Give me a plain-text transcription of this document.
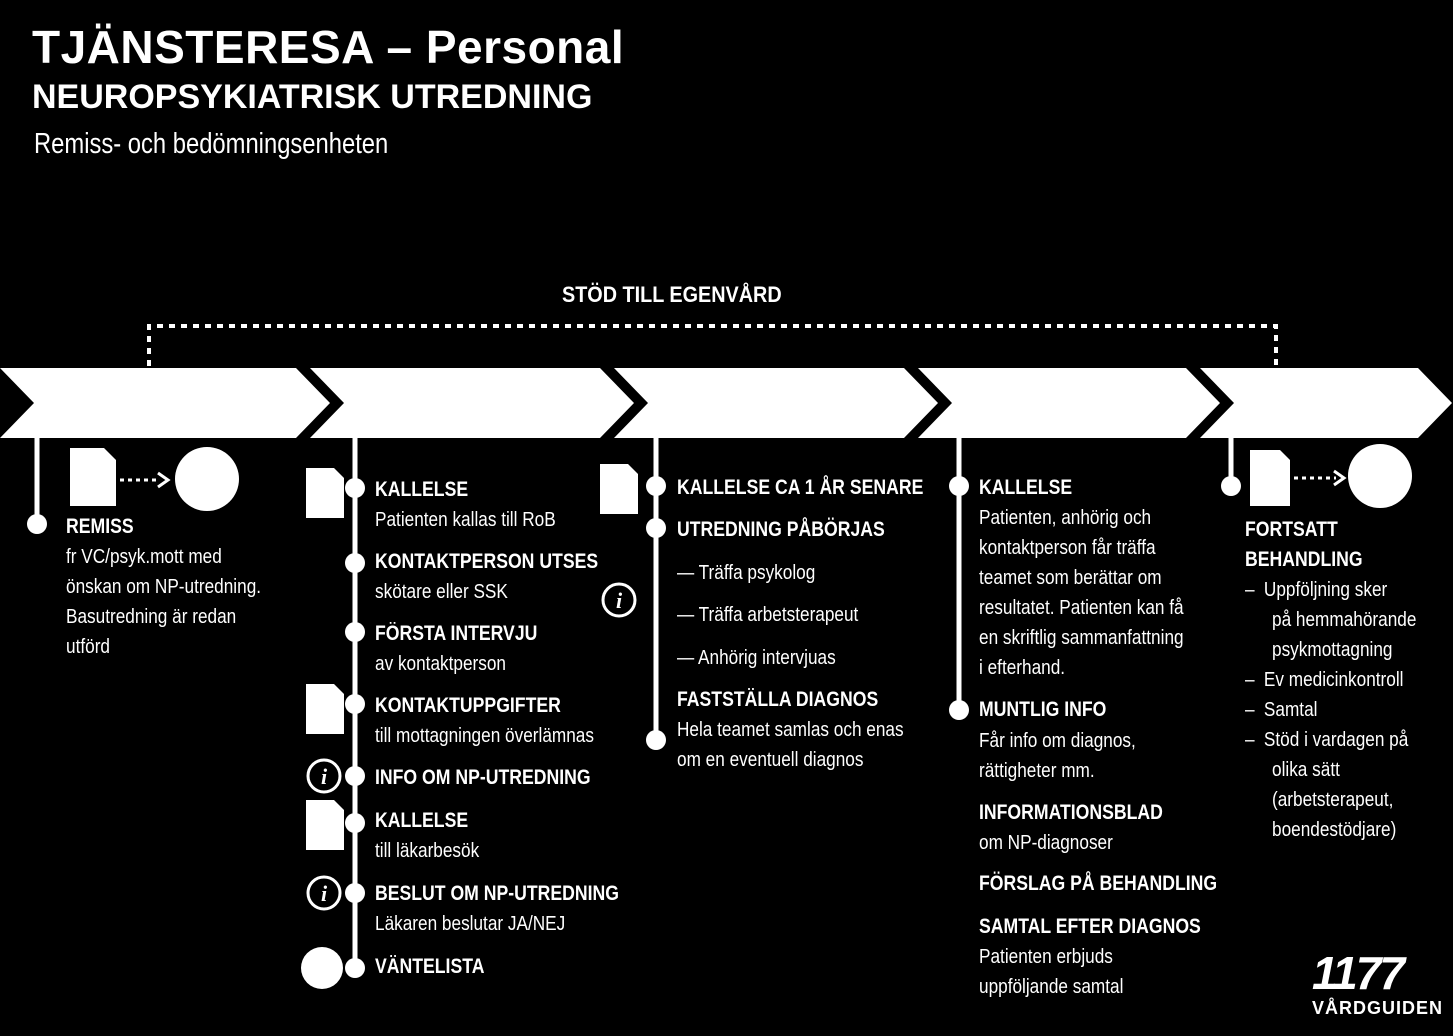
TJÄNSTERESA – Personal
NEUROPSYKIATRISK UTREDNING
Remiss- och bedömningsenheten
STÖD TILL EGENVÅRD
i
i
i
REMISS
fr VC/psyk.mott med
önskan om NP-utredning.
Basutredning är redan
utförd
KALLELSE
Patienten kallas till RoB
KONTAKTPERSON UTSES
skötare eller SSK
FÖRSTA INTERVJU
av kontaktperson
KONTAKTUPPGIFTER
till mottagningen överlämnas
INFO OM NP-UTREDNING
KALLELSE
till läkarbesök
BESLUT OM NP-UTREDNING
Läkaren beslutar JA/NEJ
VÄNTELISTA
KALLELSE CA 1 ÅR SENARE
UTREDNING PÅBÖRJAS
— Träffa psykolog
— Träffa arbetsterapeut
— Anhörig intervjuas
FASTSTÄLLA DIAGNOS
Hela teamet samlas och enas
om en eventuell diagnos
KALLELSE
Patienten, anhörig och
kontaktperson får träffa
teamet som berättar om
resultatet. Patienten kan få
en skriftlig sammanfattning
i efterhand.
MUNTLIG INFO
Får info om diagnos,
rättigheter mm.
INFORMATIONSBLAD
om NP-diagnoser
FÖRSLAG PÅ BEHANDLING
SAMTAL EFTER DIAGNOS
Patienten erbjuds
uppföljande samtal
FORTSATT
BEHANDLING
– Uppföljning sker
på hemmahörande
psykmottagning
– Ev medicinkontroll
– Samtal
– Stöd i vardagen på
olika sätt
(arbetsterapeut,
boendestödjare)
1177
VÅRDGUIDEN
